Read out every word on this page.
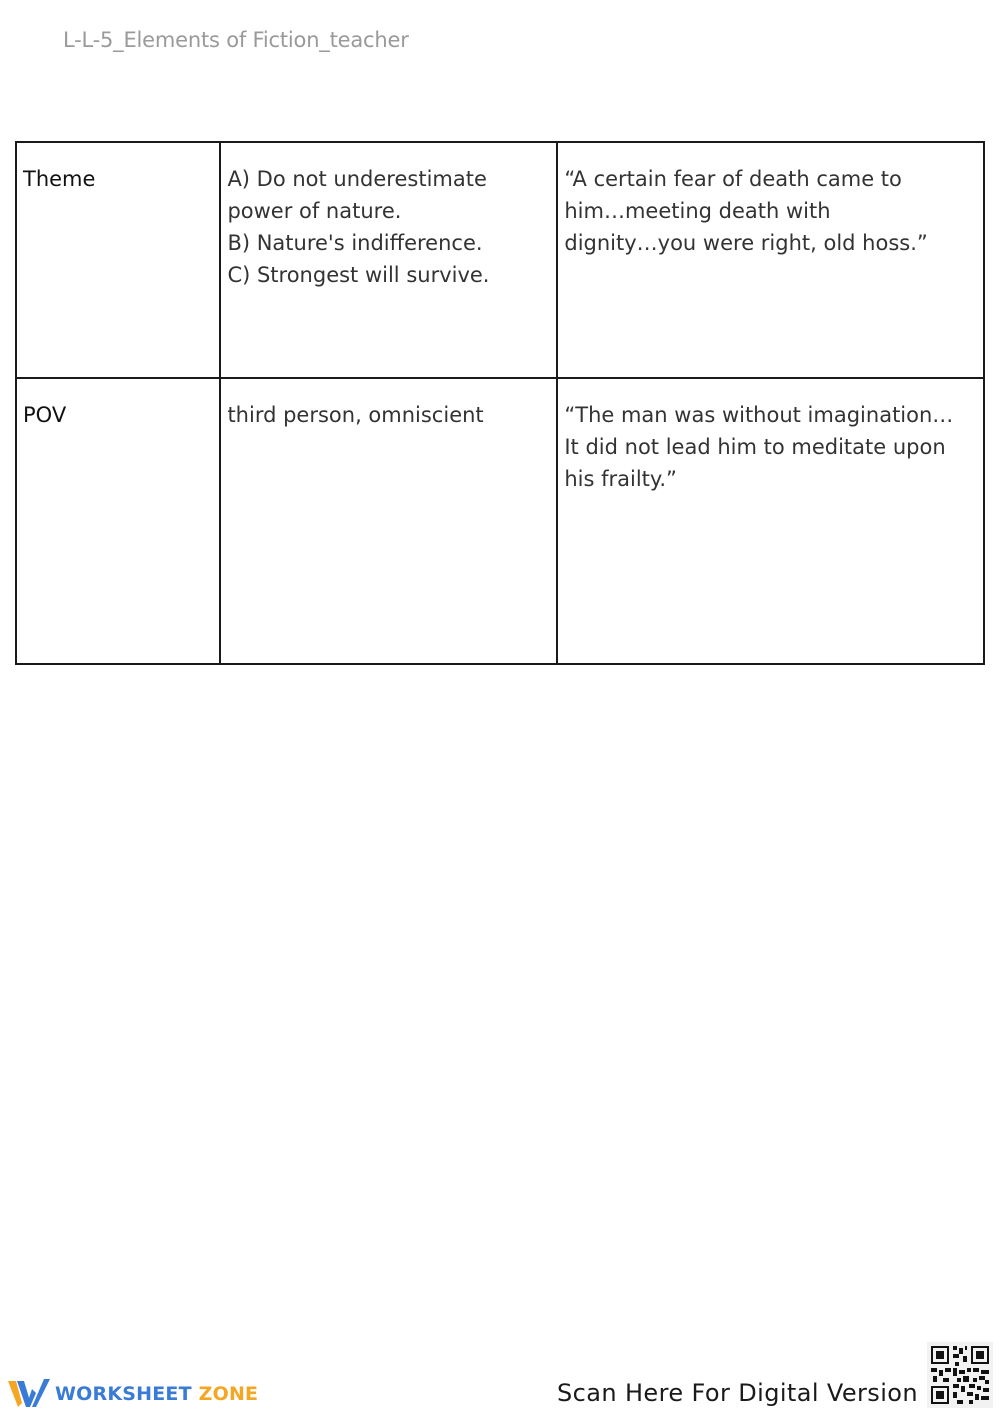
L-L-5_Elements of Fiction_teacher
Theme	A) Do not underestimate
power of nature.
B) Nature's indifference.
C) Strongest will survive.	“A certain fear of death came to
him…meeting death with
dignity…you were right, old hoss.”

POV	third person, omniscient	“The man was without imagination…
It did not lead him to meditate upon
his frailty.”
WORKSHEET ZONE	Scan Here For Digital Version
